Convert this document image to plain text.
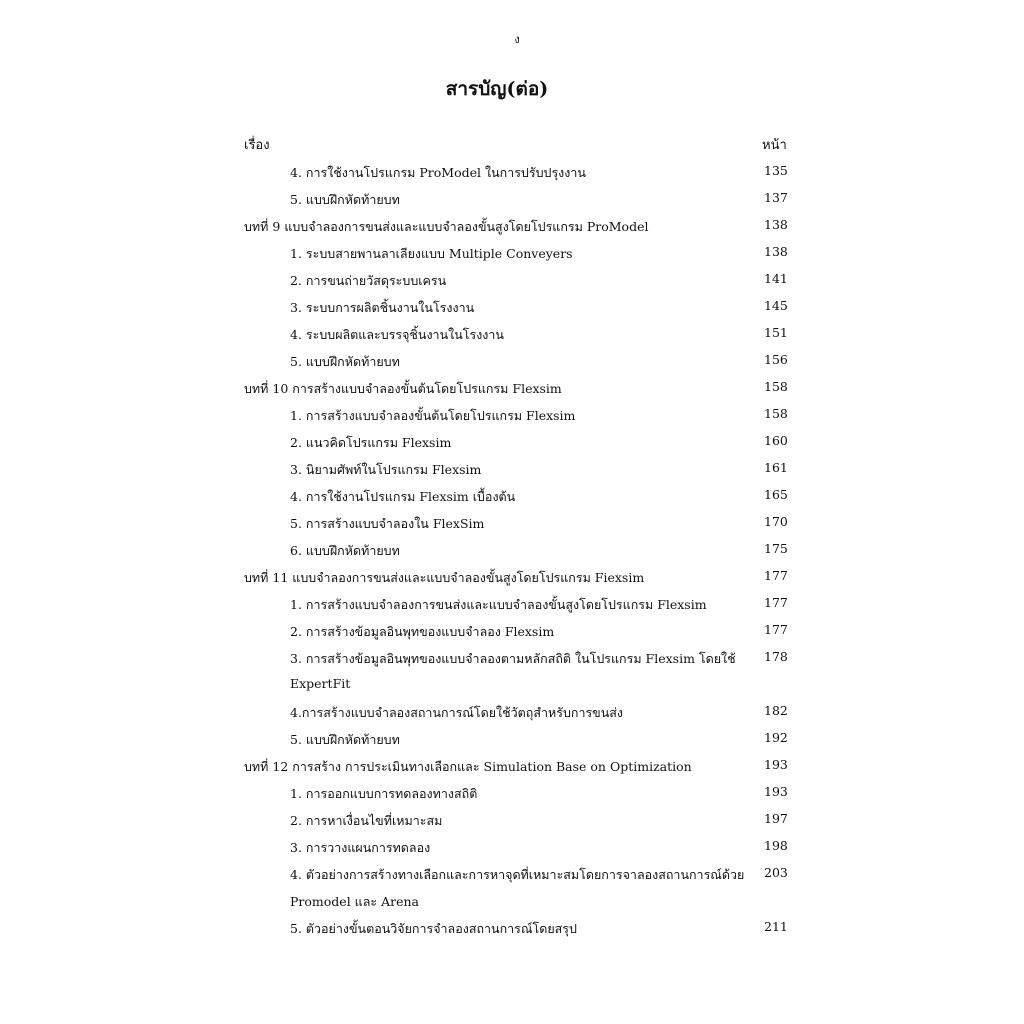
ง
สารบัญ(ต่อ)
เรื่อง	หน้า
4. การใช้งานโปรแกรม ProModel ในการปรับปรุงงาน	135
5. แบบฝึกหัดท้ายบท	137
บทที่ 9 แบบจำลองการขนส่งและแบบจำลองขั้นสูงโดยโปรแกรม ProModel	138
1. ระบบสายพานลาเลียงแบบ Multiple Conveyers	138
2. การขนถ่ายวัสดุระบบเครน	141
3. ระบบการผลิตชิ้นงานในโรงงาน	145
4. ระบบผลิตและบรรจุชิ้นงานในโรงงาน	151
5. แบบฝึกหัดท้ายบท	156
บทที่ 10 การสร้างแบบจำลองขั้นต้นโดยโปรแกรม Flexsim	158
1. การสร้างแบบจำลองขั้นต้นโดยโปรแกรม Flexsim	158
2. แนวคิดโปรแกรม Flexsim	160
3. นิยามศัพท์ในโปรแกรม Flexsim	161
4. การใช้งานโปรแกรม Flexsim เบื้องต้น	165
5. การสร้างแบบจำลองใน FlexSim	170
6. แบบฝึกหัดท้ายบท	175
บทที่ 11 แบบจำลองการขนส่งและแบบจำลองขั้นสูงโดยโปรแกรม Fiexsim	177
1. การสร้างแบบจำลองการขนส่งและแบบจำลองขั้นสูงโดยโปรแกรม Flexsim	177
2. การสร้างข้อมูลอินพุทของแบบจำลอง Flexsim	177
3. การสร้างข้อมูลอินพุทของแบบจำลองตามหลักสถิติ ในโปรแกรม Flexsim โดยใช้ 178
ExpertFit
4.การสร้างแบบจำลองสถานการณ์โดยใช้วัตถุสำหรับการขนส่ง	182
5. แบบฝึกหัดท้ายบท	192
บทที่ 12 การสร้าง การประเมินทางเลือกและ Simulation Base on Optimization	193
1. การออกแบบการทดลองทางสถิติ	193
2. การหาเงื่อนไขที่เหมาะสม	197
3. การวางแผนการทดลอง	198
4. ตัวอย่างการสร้างทางเลือกและการหาจุดที่เหมาะสมโดยการจาลองสถานการณ์ด้วย 203
Promodel และ Arena
5. ตัวอย่างขั้นตอนวิจัยการจำลองสถานการณ์โดยสรุป	211
